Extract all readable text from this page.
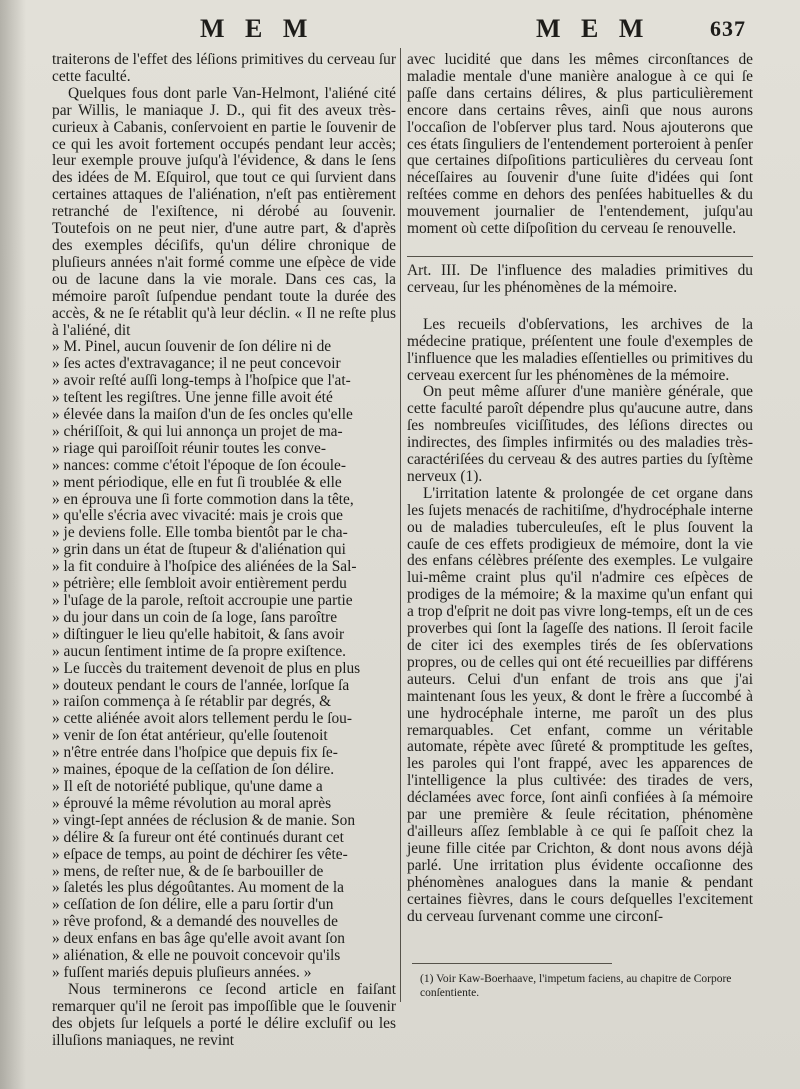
M E M	M E M	637

traiterons de l'effet des léſions primitives du cerveau ſur cette faculté.

Quelques fous dont parle Van-Helmont, l'aliéné cité par Willis, le maniaque J. D., qui fit des aveux très-curieux à Cabanis, conſervoient en partie le ſouvenir de ce qui les avoit fortement occupés pendant leur accès; leur exemple prouve juſqu'à l'évidence, & dans le ſens des idées de M. Eſquirol, que tout ce qui ſurvient dans certaines attaques de l'aliénation, n'eſt pas entièrement retranché de l'exiſtence, ni dérobé au ſouvenir. Toutefois on ne peut nier, d'une autre part, & d'après des exemples déciſifs, qu'un délire chronique de pluſieurs années n'ait formé comme une eſpèce de vide ou de lacune dans la vie morale. Dans ces cas, la mémoire paroît ſuſpendue pendant toute la durée des accès, & ne ſe rétablit qu'à leur déclin. « Il ne reſte plus à l'aliéné, dit

» M. Pinel, aucun ſouvenir de ſon délire ni de
» ſes actes d'extravagance; il ne peut concevoir
» avoir reſté auſſi long-temps à l'hoſpice que l'at-
» teſtent les regiſtres. Une jenne fille avoit été
» élevée dans la maiſon d'un de ſes oncles qu'elle
» chériſſoit, & qui lui annonça un projet de ma-
» riage qui paroiſſoit réunir toutes les conve-
» nances: comme c'étoit l'époque de ſon écoule-
» ment périodique, elle en fut ſi troublée & elle
» en éprouva une ſi forte commotion dans la tête,
» qu'elle s'écria avec vivacité: mais je crois que
» je deviens folle. Elle tomba bientôt par le cha-
» grin dans un état de ſtupeur & d'aliénation qui
» la fit conduire à l'hoſpice des aliénées de la Sal-
» pétrière; elle ſembloit avoir entièrement perdu
» l'uſage de la parole, reſtoit accroupie une partie
» du jour dans un coin de ſa loge, ſans paroître
» diſtinguer le lieu qu'elle habitoit, & ſans avoir
» aucun ſentiment intime de ſa propre exiſtence.
» Le ſuccès du traitement devenoit de plus en plus
» douteux pendant le cours de l'année, lorſque ſa
» raiſon commença à ſe rétablir par degrés, &
» cette aliénée avoit alors tellement perdu le ſou-
» venir de ſon état antérieur, qu'elle ſoutenoit
» n'être entrée dans l'hoſpice que depuis fix ſe-
» maines, époque de la ceſſation de ſon délire.
» Il eſt de notoriété publique, qu'une dame a
» éprouvé la même révolution au moral après
» vingt-ſept années de réclusion & de manie. Son
» délire & ſa fureur ont été continués durant cet
» eſpace de temps, au point de déchirer ſes vête-
» mens, de reſter nue, & de ſe barbouiller de
» ſaletés les plus dégoûtantes. Au moment de la
» ceſſation de ſon délire, elle a paru ſortir d'un
» rêve profond, & a demandé des nouvelles de
» deux enfans en bas âge qu'elle avoit avant ſon
» aliénation, & elle ne pouvoit concevoir qu'ils
» fuſſent mariés depuis pluſieurs années. »

Nous terminerons ce ſecond article en faiſant remarquer qu'il ne ſeroit pas impoſſible que le ſouvenir des objets ſur leſquels a porté le délire excluſif ou les illuſions maniaques, ne revint

avec lucidité que dans les mêmes circonſtances de maladie mentale d'une manière analogue à ce qui ſe paſſe dans certains délires, & plus particulièrement encore dans certains rêves, ainſi que nous aurons l'occaſion de l'obſerver plus tard. Nous ajouterons que ces états ſinguliers de l'entendement porteroient à penſer que certaines diſpoſitions particulières du cerveau ſont néceſſaires au ſouvenir d'une ſuite d'idées qui ſont reſtées comme en dehors des penſées habituelles & du mouvement journalier de l'entendement, juſqu'au moment où cette diſpoſition du cerveau ſe renouvelle.

Art. III. De l'influence des maladies primitives du cerveau, ſur les phénomènes de la mémoire.

Les recueils d'obſervations, les archives de la médecine pratique, préſentent une foule d'exemples de l'influence que les maladies eſſentielles ou primitives du cerveau exercent ſur les phénomènes de la mémoire.

On peut même aſſurer d'une manière générale, que cette faculté paroît dépendre plus qu'aucune autre, dans ſes nombreuſes viciſſitudes, des léſions directes ou indirectes, des ſimples infirmités ou des maladies très-caractériſées du cerveau & des autres parties du ſyſtème nerveux (1).

L'irritation latente & prolongée de cet organe dans les ſujets menacés de rachitiſme, d'hydrocéphale interne ou de maladies tuberculeuſes, eſt le plus ſouvent la cauſe de ces effets prodigieux de mémoire, dont la vie des enfans célèbres préſente des exemples. Le vulgaire lui-même craint plus qu'il n'admire ces eſpèces de prodiges de la mémoire; & la maxime qu'un enfant qui a trop d'eſprit ne doit pas vivre long-temps, eſt un de ces proverbes qui ſont la ſageſſe des nations. Il ſeroit facile de citer ici des exemples tirés de ſes obſervations propres, ou de celles qui ont été recueillies par différens auteurs. Celui d'un enfant de trois ans que j'ai maintenant ſous les yeux, & dont le frère a ſuccombé à une hydrocéphale interne, me paroît un des plus remarquables. Cet enfant, comme un véritable automate, répète avec ſûreté & promptitude les geſtes, les paroles qui l'ont frappé, avec les apparences de l'intelligence la plus cultivée: des tirades de vers, déclamées avec force, ſont ainſi confiées à ſa mémoire par une première & ſeule récitation, phénomène d'ailleurs aſſez ſemblable à ce qui ſe paſſoit chez la jeune fille citée par Crichton, & dont nous avons déjà parlé. Une irritation plus évidente occaſionne des phénomènes analogues dans la manie & pendant certaines fièvres, dans le cours deſquelles l'excitement du cerveau ſurvenant comme une circonſ-

(1) Voir Kaw-Boerhaave, l'impetum faciens, au chapitre de Corpore conſentiente.
